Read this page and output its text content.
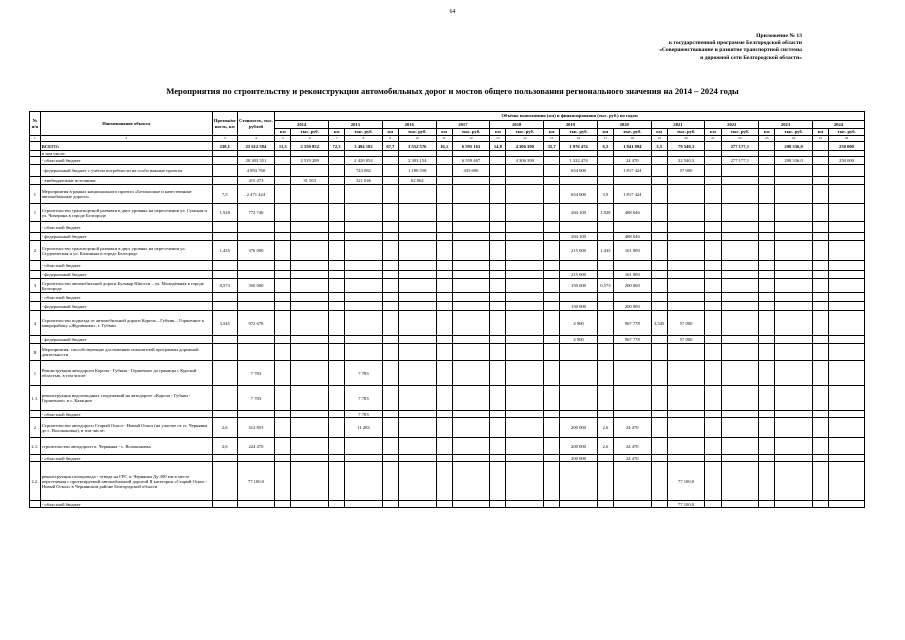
64
Приложение № 13
к государственной программе Белгородской области
«Совершенствование и развитие транспортной системы
и дорожной сети Белгородской области»
Мероприятия по строительству и реконструкции автомобильных дорог и мостов общего пользования регионального значения на 2014 – 2024 годы
№ п/п	Наименование объекта	Протяжён-ность, км	Стоимость, тыс. рублей	Объёмы выполнения (км) и финансирования (тыс. руб.) по годам																					
				2014		2015		2016		2017		2018		2019		2020		2021		2022		2023		2024	
				км	тыс. руб.	км	тыс. руб.	км	тыс. руб.	км	тыс. руб.	км	тыс. руб.	км	тыс. руб.	км	тыс. руб.	км	тыс. руб.	км	тыс. руб.	км	тыс. руб.	км	тыс. руб.
1	2	3	4	5	6	7	8	9	10	11	12	13	14	15	16	17	18	19	20	21	22	23	24	25	26
	ВСЕГО:	238,1	25 612 584	11,3	2 550 852	72,3	3 484 182	67,7	3 552 576	16,1	6 595 163	14,8	4 306 390	35,7	1 976 474	6,5	1 841 894	3,5	79 540,3		277 177,1		298 336,0		250 000
	в том числе:																								
	- областной бюджет		20 303 351		2 519 289		2 420 054		2 303 154		6 559 467		4 306 390		1 322 474		24 470		22 540,3		277 177,1		298 336,0		250 000
	- федеральный бюджет с учётом потребности на особо важные проекты		4 893 760				743 082		1 186 558		435 696				654 000		1 817 424		57 000						
	- внебюджетные источники		415 473		31 563		321 046		62 864																
I	Мероприятия в рамках национального проекта «Безопасные и качественные автомобильные дороги»	7,5	2 471 424												654 000	3,9	1 817 424								
1	Строительство транспортной развязки в двух уровнях на пересечении ул. Сумская и ул. Чичерина в городе Белгороде	1,928	772 746												284 100	1,928	488 646								
	- областной бюджет																								
	- федеральный бюджет														284 100		488 646								
2	Строительство транспортной развязки в двух уровнях на пересечении ул. Студенческая и ул. Калинина в городе Белгороде	1,435	376 000												215 000	1,435	161 000								
	- областной бюджет																								
	- федеральный бюджет														215 000		161 000								
3	Строительство автомобильной дороги Бульвар Юности – ул. Молодёжная в городе Белгороде	0,573	350 000												150 000	0,573	200 000								
	- областной бюджет																								
	- федеральный бюджет														150 000		200 000								
4	Строительство подъезда от автомобильной дороги Короча – Губкин – Горшечное к микрорайону «Журавлики», г. Губкин	3,545	972 678												4 900		967 778	3,545	57 000						
	- федеральный бюджет														4 900		967 778		57 000						
II	Мероприятия, способствующие достижению показателей программы дорожной деятельности																								
1	Реконструкция автодороги Короча - Губкин - Горшечное до границы с Курской областью, в том числе:		7 783				7 783																		
1.1.	реконструкция водоотводных сооружений на автодороге «Короча - Губкин - Горшечное» в с. Казацкое		7 783				7 783																		
	- областной бюджет						7 783																		
2	Строительство автодороги Старый Оскол - Новый Оскол (на участке от ст. Чернянка до с. Волоконовка), в том числе:	2,6	312 853				11 283								200 000	2,6	24 470								
2.1.	строительство автодороги п. Чернянка - с. Волоконовка	2,6	224 470												200 000	2,6	24 470								
	- областной бюджет														200 000		24 470								
2.2.	реконструкция газопровода - отвода на ГРС п. Чернянка Ду 300 мм в месте пересечения с проектируемой автомобильной дорогой II категории «Старый Оскол - Новый Оскол» в Чернянском районе Белгородской области		77 100,0																77 100,0						
	- областной бюджет																		77 100,0						
